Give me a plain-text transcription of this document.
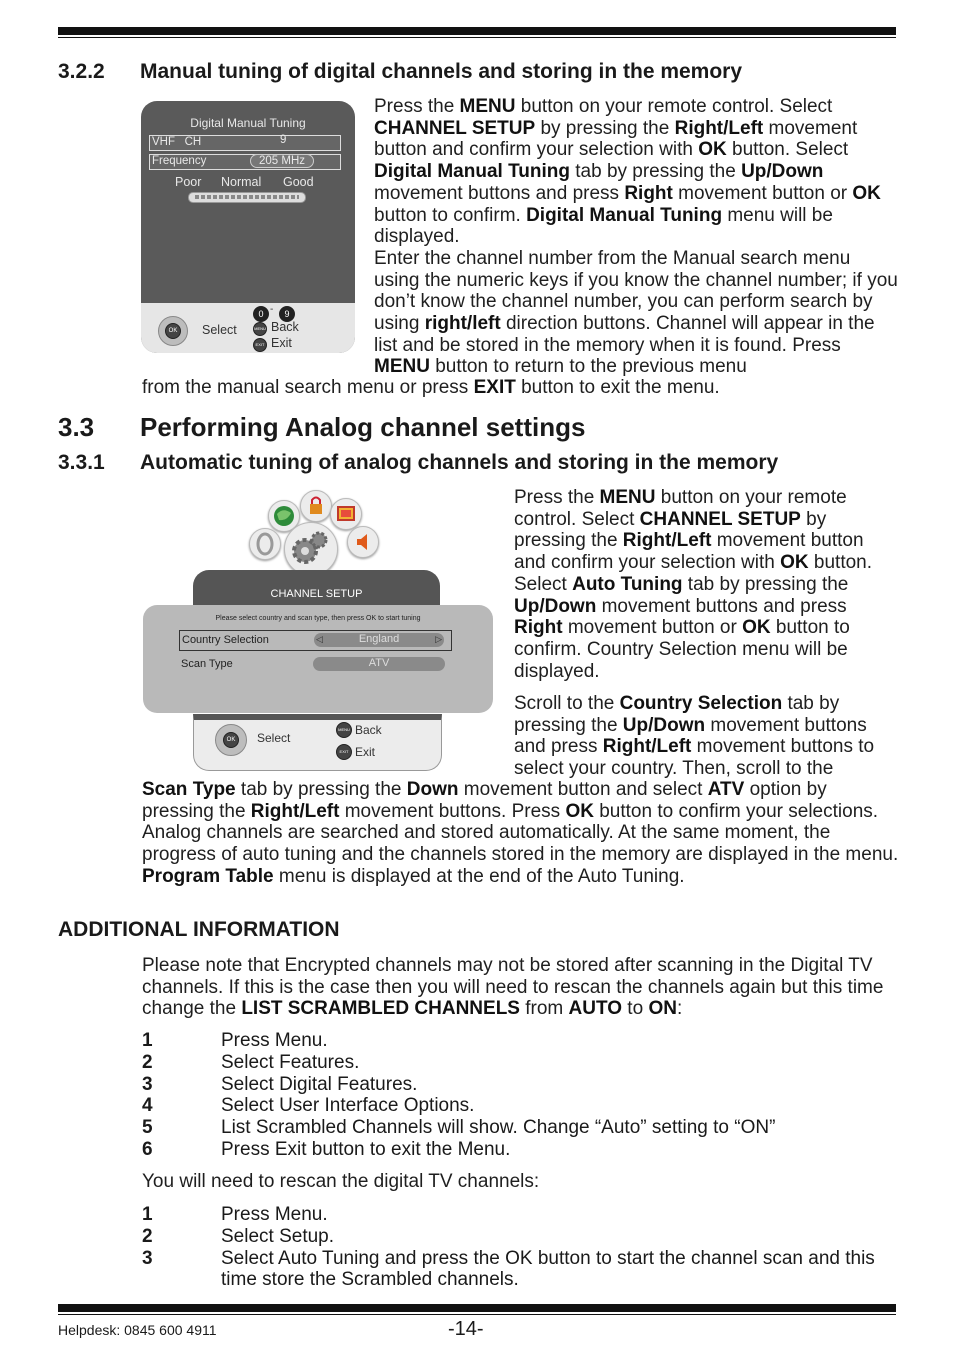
3.2.2 Manual tuning of digital channels and storing in the memory
Digital Manual Tuning
VHF   CH	9
Frequency	205 MHz
Poor Normal Good
OK Select
0 -	9
MENU Back
EXIT Exit
Press the MENU button on your remote control. Select CHANNEL SETUP by pressing the Right/Left movement button and confirm your selection with OK button. Select Digital Manual Tuning tab by pressing the Up/Down movement buttons and press Right movement button or OK button to confirm. Digital Manual Tuning menu will be displayed.
Enter the channel number from the Manual search menu using the numeric keys if you know the channel number; if you don’t know the channel number, you can perform search by using right/left direction buttons. Channel will appear in the list and be stored in the memory when it is found. Press MENU button to return to the previous menu
from the manual search menu or press EXIT button to exit the menu.
3.3 Performing Analog channel settings
3.3.1 Automatic tuning of analog channels and storing in the memory
CHANNEL SETUP
Please select country and scan type, then press OK to start tuning
Country Selection	◁	England	▷
Scan Type	ATV
OK	Select
MENU Back
EXIT Exit
Press the MENU button on your remote control. Select CHANNEL SETUP by pressing the Right/Left movement button and confirm your selection with OK button. Select Auto Tuning tab by pressing the Up/Down movement buttons and press Right movement button or OK button to confirm. Country Selection menu will be displayed.
Scroll to the Country Selection tab by pressing the Up/Down movement buttons and press Right/Left movement buttons to select your country. Then, scroll to the
Scan Type tab by pressing the Down movement button and select ATV option by pressing the Right/Left movement buttons. Press OK button to confirm your selections. Analog channels are searched and stored automatically. At the same moment, the progress of auto tuning and the channels stored in the memory are displayed in the menu. Program Table menu is displayed at the end of the Auto Tuning.
ADDITIONAL INFORMATION
Please note that Encrypted channels may not be stored after scanning in the Digital TV channels. If this is the case then you will need to rescan the channels again but this time change the LIST SCRAMBLED CHANNELS from AUTO to ON:
1	Press Menu.
2	Select Features.
3	Select Digital Features.
4	Select User Interface Options.
5	List Scrambled Channels will show. Change “Auto” setting to “ON”
6	Press Exit button to exit the Menu.
You will need to rescan the digital TV channels:
1	Press Menu.
2	Select Setup.
3	Select Auto Tuning and press the OK button to start the channel scan and this time store the Scrambled channels.
Helpdesk: 0845 600 4911	-14-
